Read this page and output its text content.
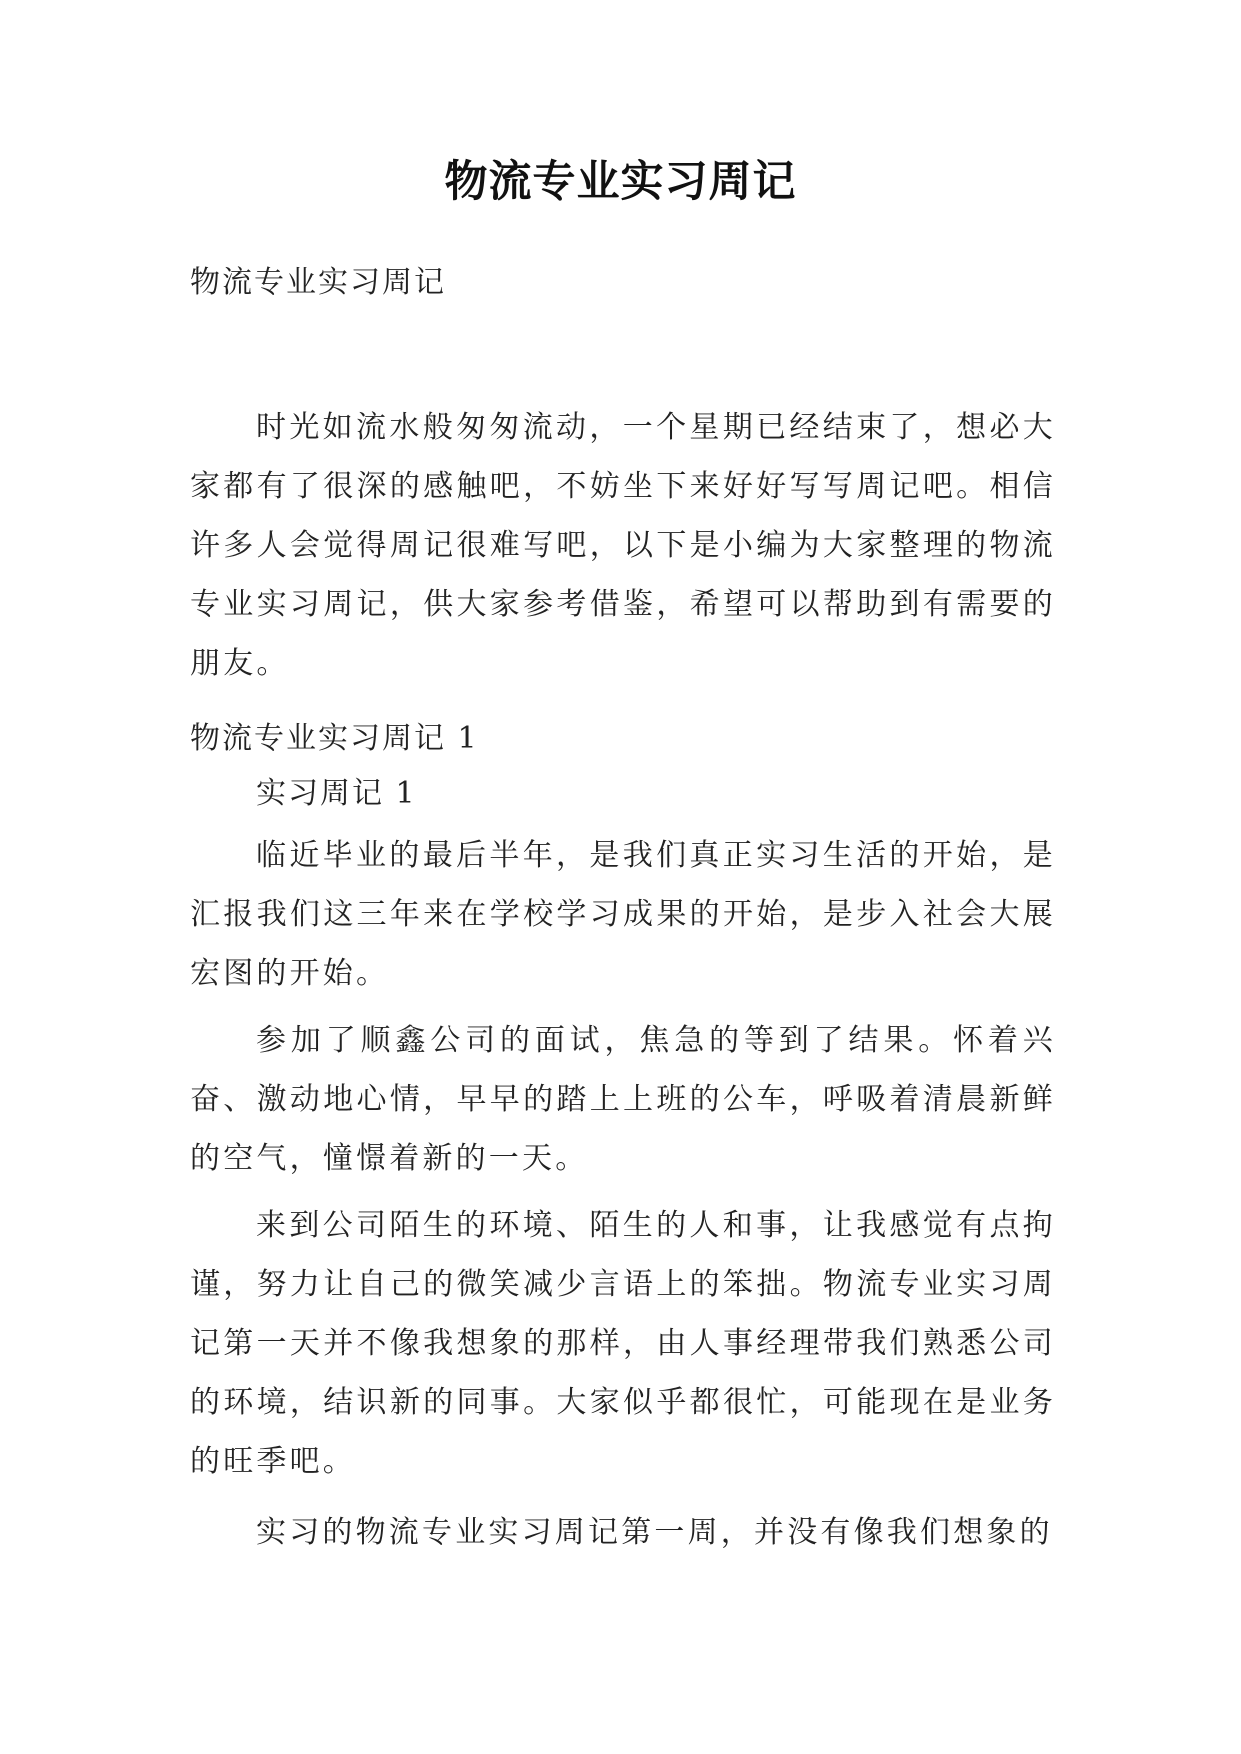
物流专业实习周记
物流专业实习周记

时光如流水般匆匆流动，一个星期已经结束了，想必大家都有了很深的感触吧，不妨坐下来好好写写周记吧。相信许多人会觉得周记很难写吧，以下是小编为大家整理的物流专业实习周记，供大家参考借鉴，希望可以帮助到有需要的朋友。

物流专业实习周记 1
实习周记 1

临近毕业的最后半年，是我们真正实习生活的开始，是汇报我们这三年来在学校学习成果的开始，是步入社会大展宏图的开始。

参加了顺鑫公司的面试，焦急的等到了结果。怀着兴奋、激动地心情，早早的踏上上班的公车，呼吸着清晨新鲜的空气，憧憬着新的一天。

来到公司陌生的环境、陌生的人和事，让我感觉有点拘谨，努力让自己的微笑减少言语上的笨拙。物流专业实习周记第一天并不像我想象的那样，由人事经理带我们熟悉公司的环境，结识新的同事。大家似乎都很忙，可能现在是业务的旺季吧。

实习的物流专业实习周记第一周，并没有像我们想象的
